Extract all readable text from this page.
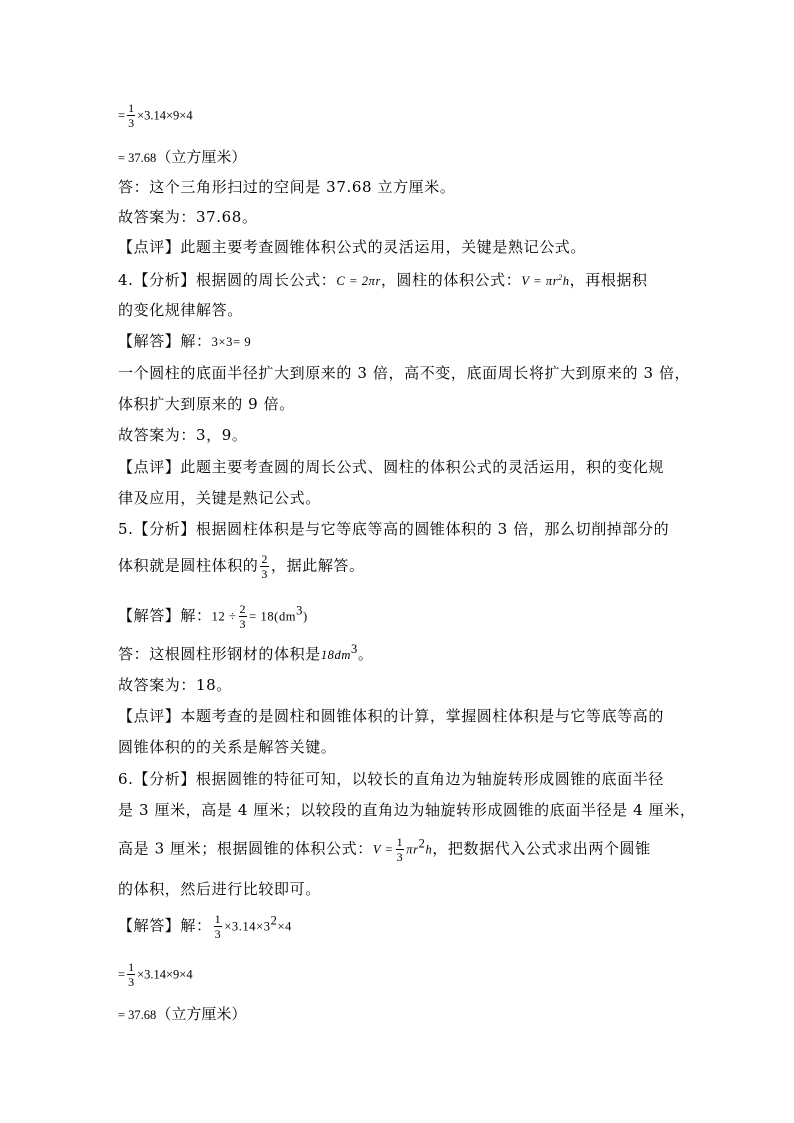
= $\frac{1}{3} \times 3.14\times 9\times 4$
= 37.68（立方厘米）
答：这个三角形扫过的空间是 37.68 立方厘米。
故答案为：37.68。
【点评】此题主要考查圆锥体积公式的灵活运用，关键是熟记公式。
4.【分析】根据圆的周长公式：C = 2πr，圆柱的体积公式：$V = \pi r^2h$，再根据积
的变化规律解答。
【解答】解：3×3= 9
一个圆柱的底面半径扩大到原来的 3 倍，高不变，底面周长将扩大到原来的 3 倍，
体积扩大到原来的 9 倍。
故答案为：3，9。
【点评】此题主要考查圆的周长公式、圆柱的体积公式的灵活运用，积的变化规
律及应用，关键是熟记公式。
5.【分析】根据圆柱体积是与它等底等高的圆锥体积的 3 倍，那么切削掉部分的
体积就是圆柱体积的 $\frac{2}{3}$ ，据此解答。
【解答】解：$12 \div \frac{2}{3} = 18(dm^3)$
答：这根圆柱形钢材的体积是$18dm^3$。
故答案为：18。
【点评】本题考查的是圆柱和圆锥体积的计算，掌握圆柱体积是与它等底等高的
圆锥体积的的关系是解答关键。
6.【分析】根据圆锥的特征可知，以较长的直角边为轴旋转形成圆锥的底面半径
是 3 厘米，高是 4 厘米；以较段的直角边为轴旋转形成圆锥的底面半径是 4 厘米，
高是 3 厘米；根据圆锥的体积公式：$V = \frac{1}{3} \pi r^2h$，把数据代入公式求出两个圆锥
的体积，然后进行比较即可。
【解答】解： $\frac{1}{3} \times 3.14\times 3^2\times 4$
= $\frac{1}{3} \times 3.14\times 9\times 4$
= 37.68（立方厘米）
